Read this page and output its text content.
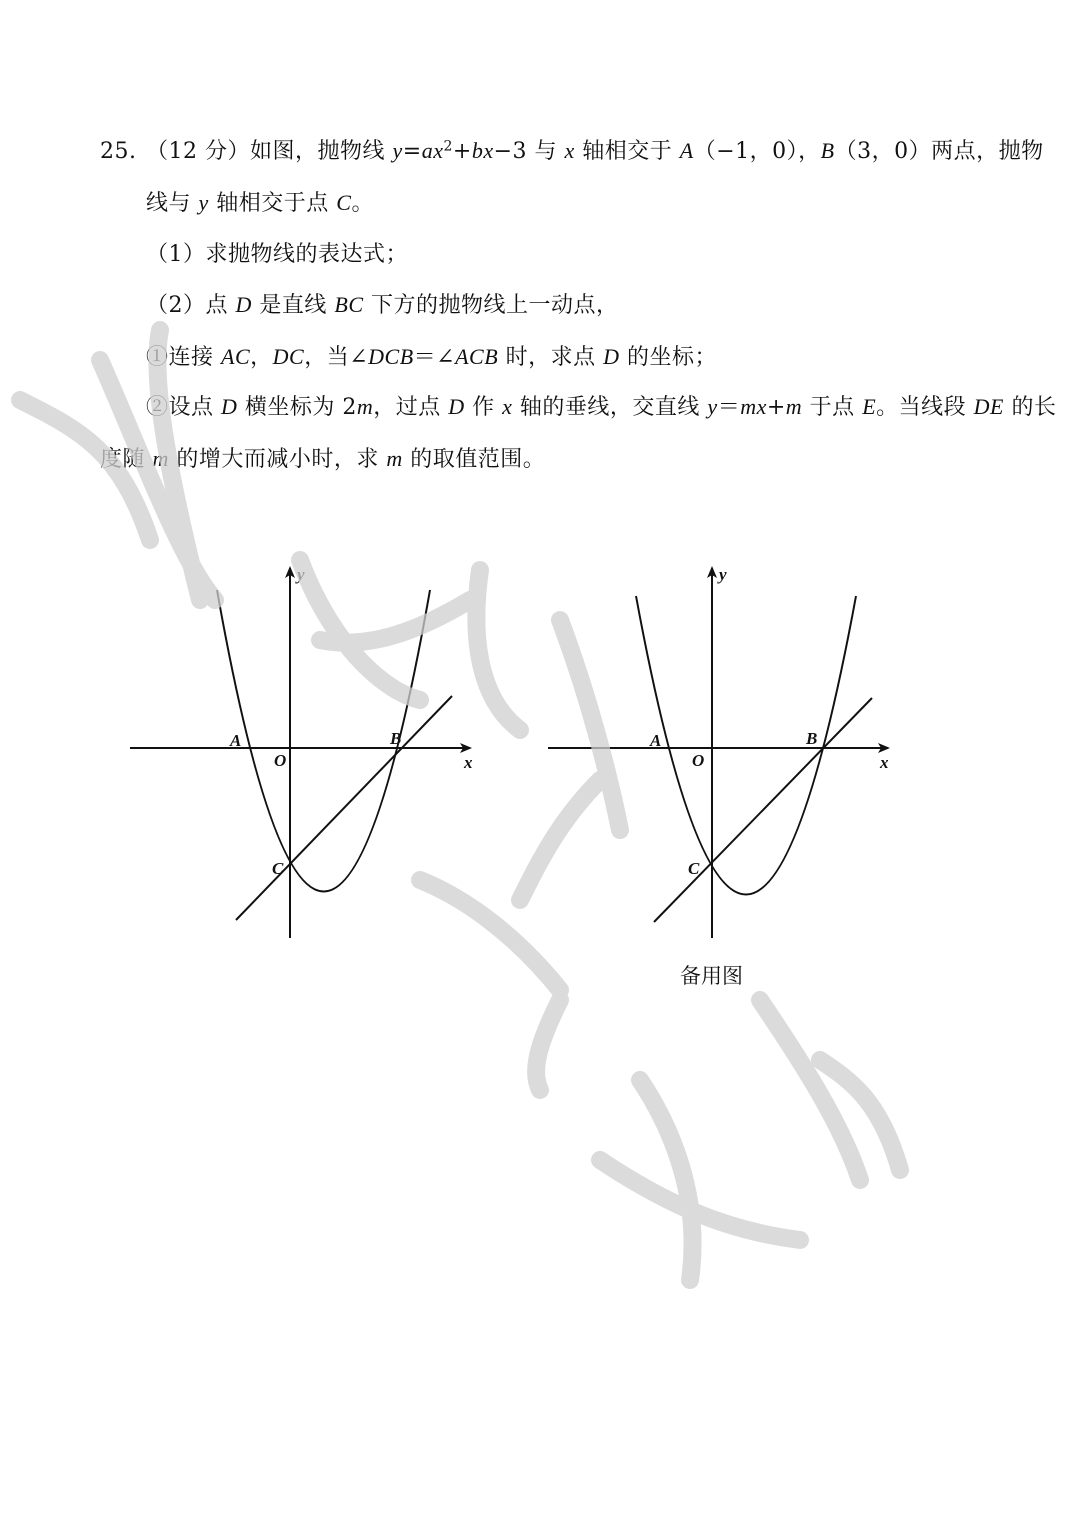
25. （12 分）如图，抛物线 $y=ax^2+bx-3$ 与 x 轴相交于 A（−1，0），B（3，0）两点，抛物
线与 y 轴相交于点 C。
（1）求抛物线的表达式；
（2）点 D 是直线 BC 下方的抛物线上一动点，
①连接 AC，DC，当∠DCB＝∠ACB 时，求点 D 的坐标；
②设点 D 横坐标为 2m，过点 D 作 x 轴的垂线，交直线 y＝mx+m 于点 E。当线段 DE 的长
度随 m 的增大而减小时，求 m 的取值范围。
y
x
A
O
B
C
y
x
A
O
B
C
备用图
